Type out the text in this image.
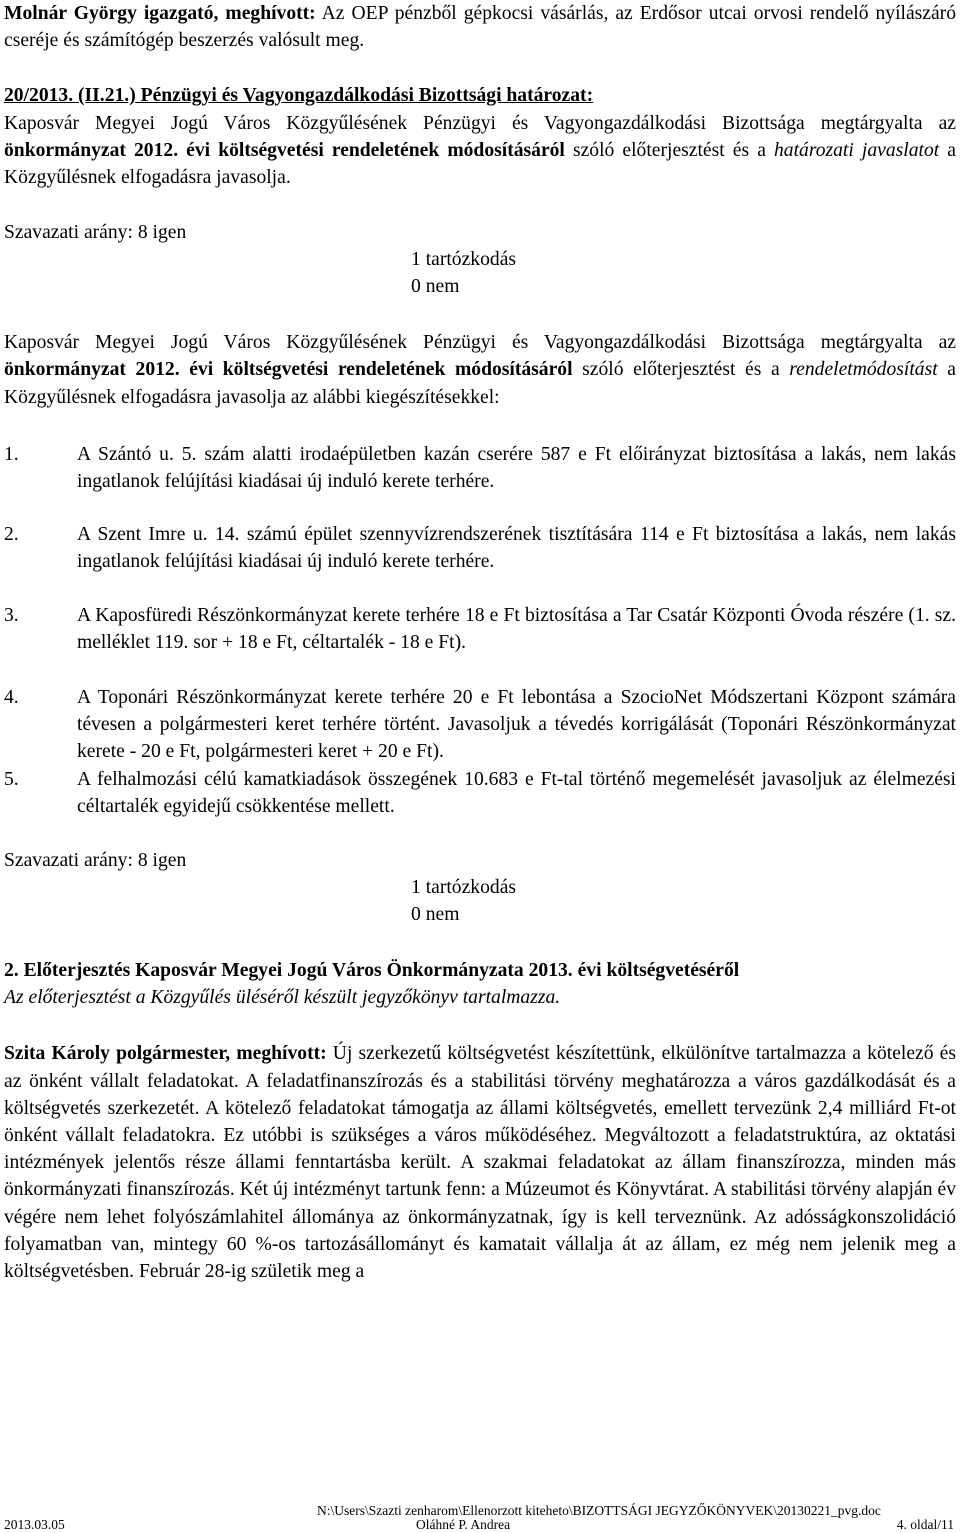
Molnár György igazgató, meghívott: Az OEP pénzből gépkocsi vásárlás, az Erdősor utcai orvosi rendelő nyílászáró cseréje és számítógép beszerzés valósult meg.

20/2013. (II.21.) Pénzügyi és Vagyongazdálkodási Bizottsági határozat:

Kaposvár Megyei Jogú Város Közgyűlésének Pénzügyi és Vagyongazdálkodási Bizottsága megtárgyalta az önkormányzat 2012. évi költségvetési rendeletének módosításáról szóló előterjesztést és a határozati javaslatot a Közgyűlésnek elfogadásra javasolja.

Szavazati arány: 8 igen
1 tartózkodás
0 nem

Kaposvár Megyei Jogú Város Közgyűlésének Pénzügyi és Vagyongazdálkodási Bizottsága megtárgyalta az önkormányzat 2012. évi költségvetési rendeletének módosításáról szóló előterjesztést és a rendeletmódosítást a Közgyűlésnek elfogadásra javasolja az alábbi kiegészítésekkel:

1.	A Szántó u. 5. szám alatti irodaépületben kazán cserére 587 e Ft előirányzat biztosítása a lakás, nem lakás ingatlanok felújítási kiadásai új induló kerete terhére.
2.	A Szent Imre u. 14. számú épület szennyvízrendszerének tisztítására 114 e Ft biztosítása a lakás, nem lakás ingatlanok felújítási kiadásai új induló kerete terhére.
3.	A Kaposfüredi Részönkormányzat kerete terhére 18 e Ft biztosítása a Tar Csatár Központi Óvoda részére (1. sz. melléklet 119. sor + 18 e Ft, céltartalék - 18 e Ft).
4.	A Toponári Részönkormányzat kerete terhére 20 e Ft lebontása a SzocioNet Módszertani Központ számára tévesen a polgármesteri keret terhére történt. Javasoljuk a tévedés korrigálását (Toponári Részönkormányzat kerete - 20 e Ft, polgármesteri keret + 20 e Ft).
5.	A felhalmozási célú kamatkiadások összegének 10.683 e Ft-tal történő megemelését javasoljuk az élelmezési céltartalék egyidejű csökkentése mellett.
Szavazati arány: 8 igen
1 tartózkodás
0 nem

2. Előterjesztés Kaposvár Megyei Jogú Város Önkormányzata 2013. évi költségvetéséről

Az előterjesztést a Közgyűlés üléséről készült jegyzőkönyv tartalmazza.

Szita Károly polgármester, meghívott: Új szerkezetű költségvetést készítettünk, elkülönítve tartalmazza a kötelező és az önként vállalt feladatokat. A feladatfinanszírozás és a stabilitási törvény meghatározza a város gazdálkodását és a költségvetés szerkezetét. A kötelező feladatokat támogatja az állami költségvetés, emellett tervezünk 2,4 milliárd Ft-ot önként vállalt feladatokra. Ez utóbbi is szükséges a város működéséhez. Megváltozott a feladatstruktúra, az oktatási intézmények jelentős része állami fenntartásba került. A szakmai feladatokat az állam finanszírozza, minden más önkormányzati finanszírozás. Két új intézményt tartunk fenn: a Múzeumot és Könyvtárat. A stabilitási törvény alapján év végére nem lehet folyószámlahitel állománya az önkormányzatnak, így is kell terveznünk. Az adósságkonszolidáció folyamatban van, mintegy 60 %-os tartozásállományt és kamatait vállalja át az állam, ez még nem jelenik meg a költségvetésben. Február 28-ig születik meg a

N:\Users\Szazti zenharom\Ellenorzott kiteheto\BIZOTTSÁGI JEGYZŐKÖNYVEK\20130221_pvg.doc
2013.03.05	Oláhné P. Andrea	4. oldal/11
